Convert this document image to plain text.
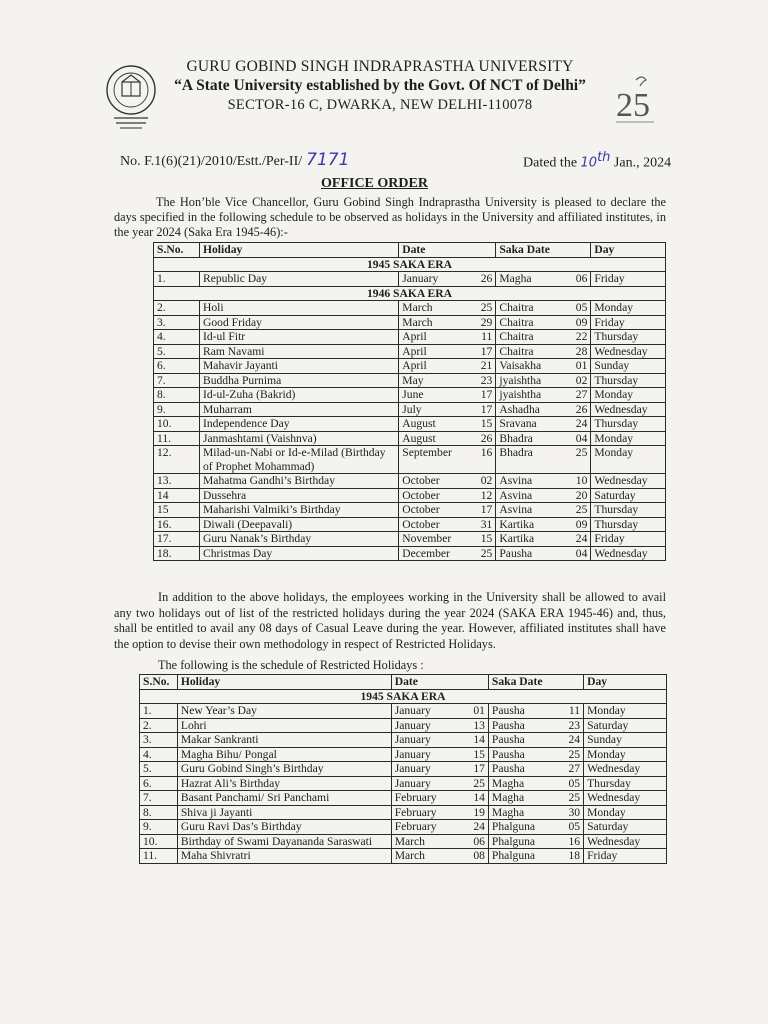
GURU GOBIND SINGH INDRAPRASTHA UNIVERSITY
“A State University established by the Govt. Of NCT of Delhi”
SECTOR-16 C, DWARKA, NEW DELHI-110078	25
No. F.1(6)(21)/2010/Estt./Per-II/ 7171	Dated the 10th Jan., 2024
OFFICE ORDER
The Hon’ble Vice Chancellor, Guru Gobind Singh Indraprastha University is pleased to declare the days specified in the following schedule to be observed as holidays in the University and affiliated institutes, in the year 2024 (Saka Era 1945-46):-
S.No.	Holiday	Date		Saka Date		Day
1945 SAKA ERA						
1.	Republic Day	January	26	Magha	06	Friday
1946 SAKA ERA						
2.	Holi	March	25	Chaitra	05	Monday
3.	Good Friday	March	29	Chaitra	09	Friday
4.	Id-ul Fitr	April	11	Chaitra	22	Thursday
5.	Ram Navami	April	17	Chaitra	28	Wednesday
6.	Mahavir Jayanti	April	21	Vaisakha	01	Sunday
7.	Buddha Purnima	May	23	jyaishtha	02	Thursday
8.	Id-ul-Zuha (Bakrid)	June	17	jyaishtha	27	Monday
9.	Muharram	July	17	Ashadha	26	Wednesday
10.	Independence Day	August	15	Sravana	24	Thursday
11.	Janmashtami (Vaishnva)	August	26	Bhadra	04	Monday
12.	Milad-un-Nabi or Id-e-Milad (Birthday of Prophet Mohammad)	September	16	Bhadra	25	Monday
13.	Mahatma Gandhi’s Birthday	October	02	Asvina	10	Wednesday
14	Dussehra	October	12	Asvina	20	Saturday
15	Maharishi Valmiki’s Birthday	October	17	Asvina	25	Thursday
16.	Diwali (Deepavali)	October	31	Kartika	09	Thursday
17.	Guru Nanak’s Birthday	November	15	Kartika	24	Friday
18.	Christmas Day	December	25	Pausha	04	Wednesday
In addition to the above holidays, the employees working in the University shall be allowed to avail any two holidays out of list of the restricted holidays during the year 2024 (SAKA ERA 1945-46) and, thus, shall be entitled to avail any 08 days of Casual Leave during the year. However, affiliated institutes shall have the option to devise their own methodology in respect of Restricted Holidays.
The following is the schedule of Restricted Holidays :
S.No.	Holiday	Date		Saka Date		Day
1945 SAKA ERA						
1.	New Year’s Day	January	01	Pausha	11	Monday
2.	Lohri	January	13	Pausha	23	Saturday
3.	Makar Sankranti	January	14	Pausha	24	Sunday
4.	Magha Bihu/ Pongal	January	15	Pausha	25	Monday
5.	Guru Gobind Singh’s Birthday	January	17	Pausha	27	Wednesday
6.	Hazrat Ali’s Birthday	January	25	Magha	05	Thursday
7.	Basant Panchami/ Sri Panchami	February	14	Magha	25	Wednesday
8.	Shiva ji Jayanti	February	19	Magha	30	Monday
9.	Guru Ravi Das’s Birthday	February	24	Phalguna	05	Saturday
10.	Birthday of Swami Dayananda Saraswati	March	06	Phalguna	16	Wednesday
11.	Maha Shivratri	March	08	Phalguna	18	Friday
